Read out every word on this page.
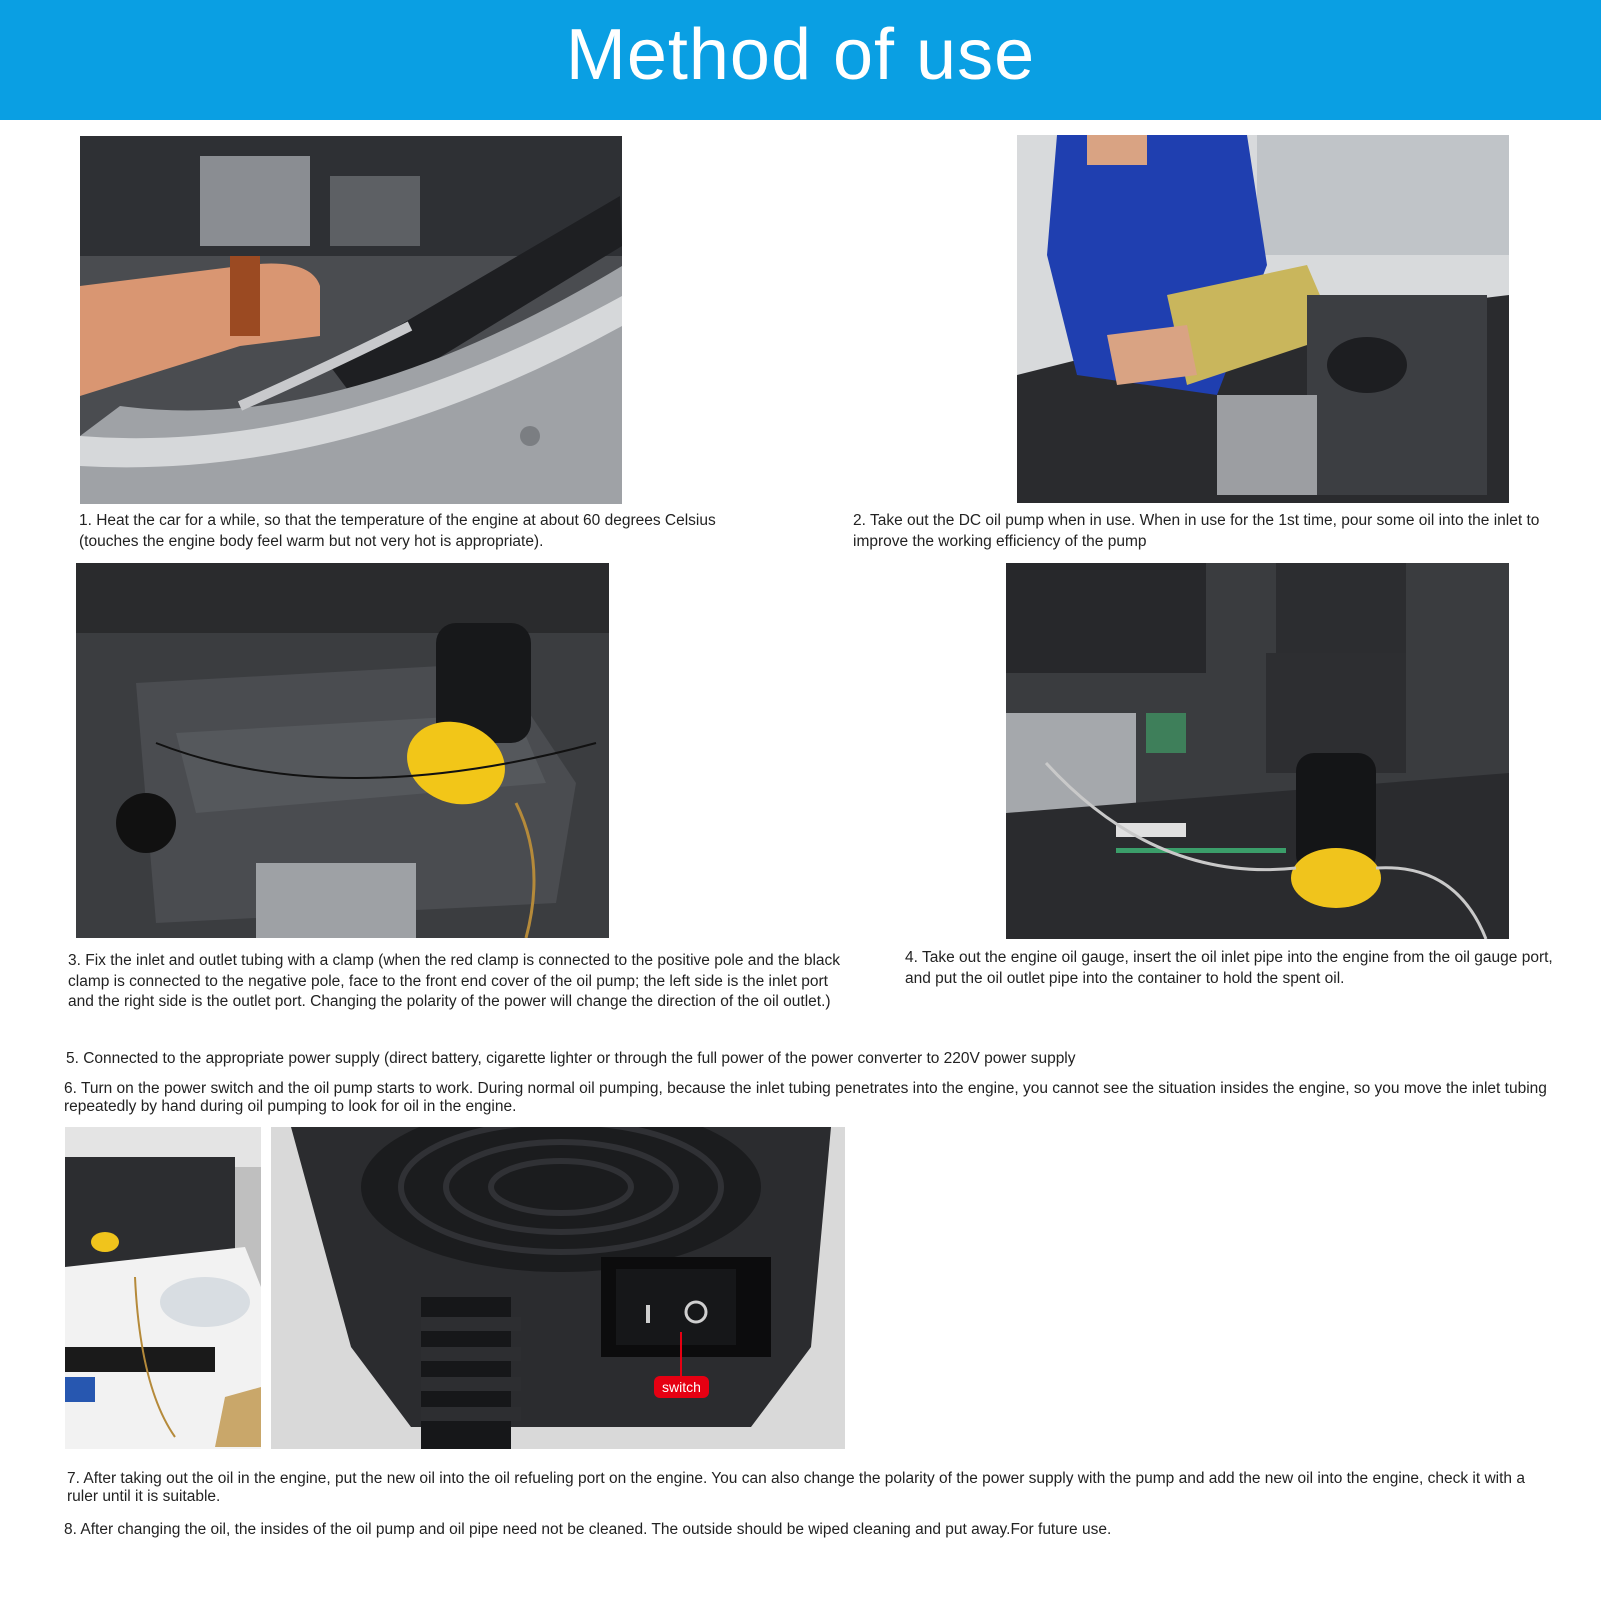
Method of use
1. Heat the car for a while, so that the temperature of the engine at about 60 degrees Celsius (touches the engine body feel warm but not very hot is appropriate).
2. Take out the DC oil pump when in use. When in use for the 1st time, pour some oil into the inlet to improve the working efficiency of the pump
3. Fix the inlet and outlet tubing with a clamp (when the red clamp is connected to the positive pole and the black clamp is connected to the negative pole, face to the front end cover of the oil pump; the left side is the inlet port and the right side is the outlet port. Changing the polarity of the power will change the direction of the oil outlet.)
4. Take out the engine oil gauge, insert the oil inlet pipe into the engine from the oil gauge port, and put the oil outlet pipe into the container to hold the spent oil.
5. Connected to the appropriate power supply (direct battery, cigarette lighter or through the full power of the power converter to 220V power supply
6. Turn on the power switch and the oil pump starts to work. During normal oil pumping, because the inlet tubing penetrates into the engine, you cannot see the situation insides the engine, so you move the inlet tubing repeatedly by hand during oil pumping to look for oil in the engine.
switch
7. After taking out the oil in the engine, put the new oil into the oil refueling port on the engine. You can also change the polarity of the power supply with the pump and add the new oil into the engine, check it with a ruler until it is suitable.
8. After changing the oil, the insides of the oil pump and oil pipe need not be cleaned. The outside should be wiped cleaning and put away.For future use.
